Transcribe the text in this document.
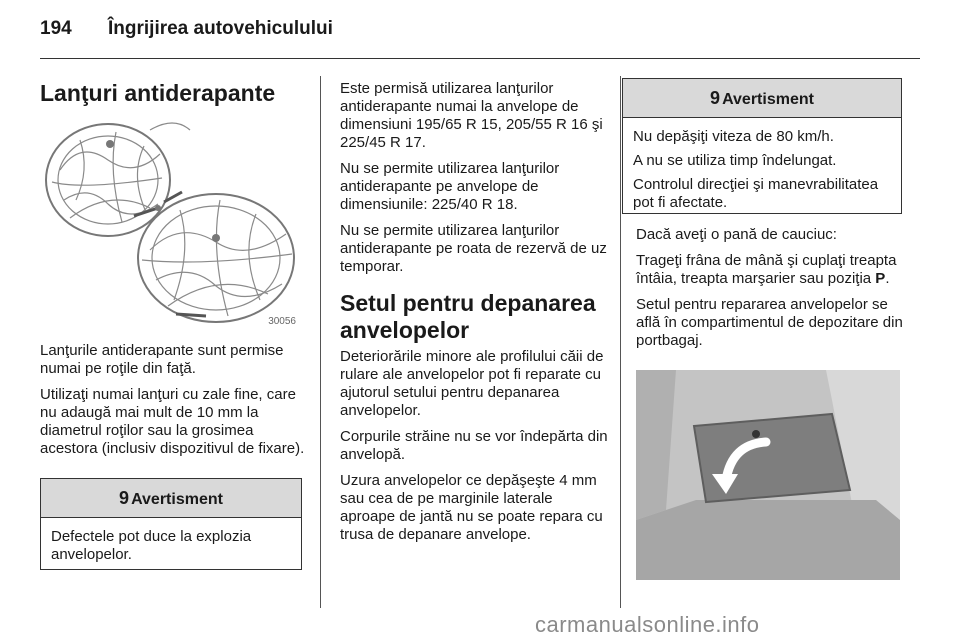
194 Îngrijirea autovehiculului
Lanţuri antiderapante
30056

Lanţurile antiderapante sunt permise numai pe roţile din faţă.

Utilizaţi numai lanţuri cu zale fine, care nu adaugă mai mult de 10 mm la diametrul roţilor sau la grosimea acestora (inclusiv dispozitivul de fixare).

9 Avertisment

Defectele pot duce la explozia anvelopelor.

Este permisă utilizarea lanţurilor antiderapante numai la anvelope de dimensiuni 195/65 R 15, 205/55 R 16 şi 225/45 R 17.

Nu se permite utilizarea lanţurilor antiderapante pe anvelope de dimensiunile: 225/40 R 18.

Nu se permite utilizarea lanţurilor antiderapante pe roata de rezervă de uz temporar.

Setul pentru depanarea anvelopelor

Deteriorările minore ale profilului căii de rulare ale anvelopelor pot fi reparate cu ajutorul setului pentru depanarea anvelopelor.

Corpurile străine nu se vor îndepărta din anvelopă.

Uzura anvelopelor ce depăşeşte 4 mm sau cea de pe marginile laterale aproape de jantă nu se poate repara cu trusa de depanare anvelope.

9 Avertisment

Nu depăşiţi viteza de 80 km/h.

A nu se utiliza timp îndelungat.

Controlul direcţiei şi manevrabilitatea pot fi afectate.

Dacă aveţi o pană de cauciuc:

Trageţi frâna de mână şi cuplaţi treapta întâia, treapta marşarier sau poziţia P.

Setul pentru repararea anvelopelor se află în compartimentul de depozitare din portbagaj.

carmanualsonline.info
